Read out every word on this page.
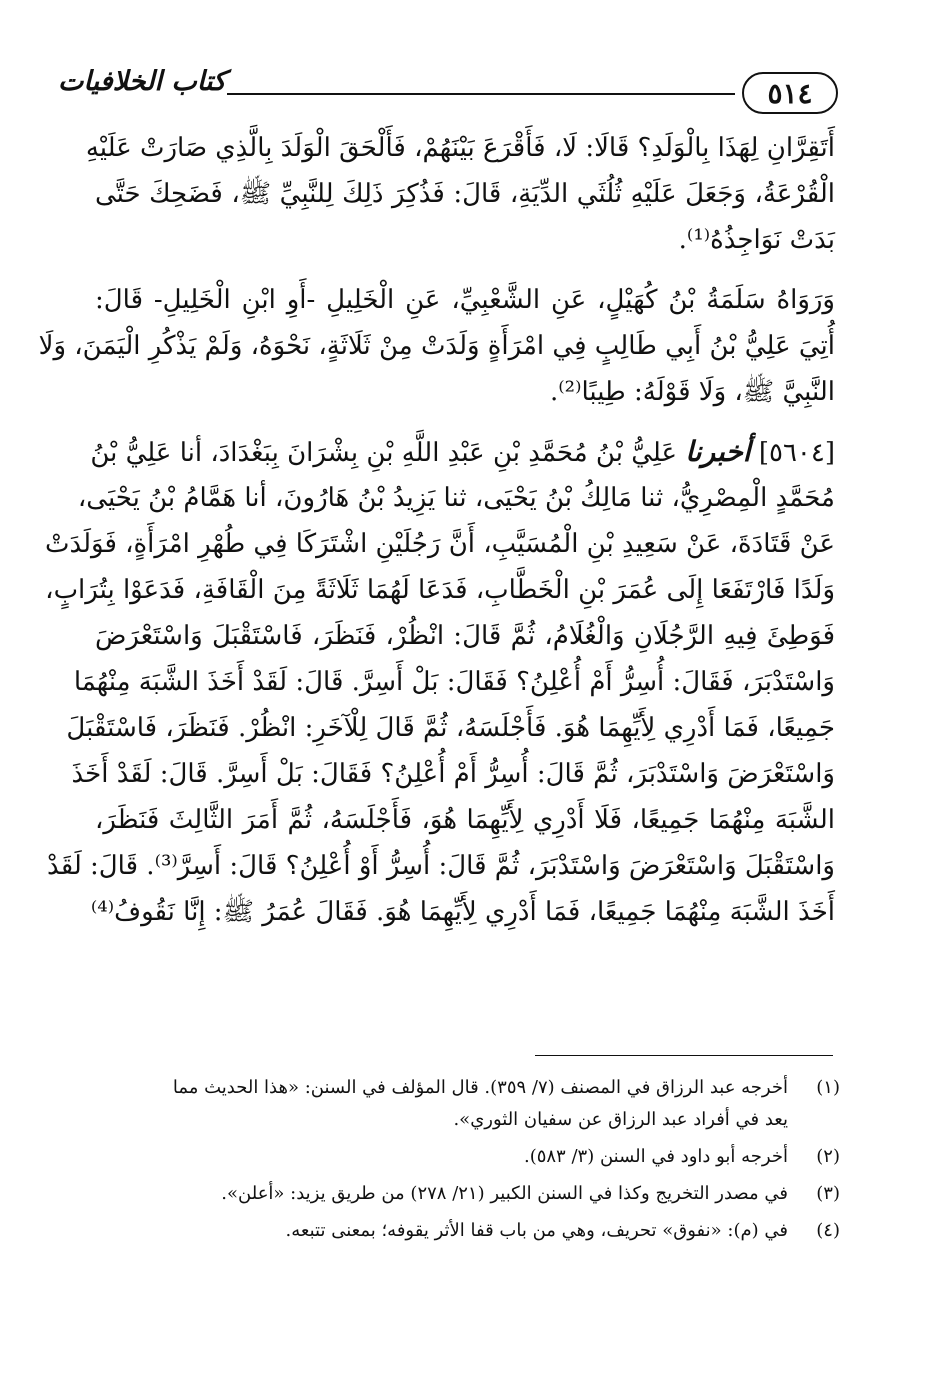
٥١٤
كتاب الخلافيات
أَتَقِرَّانِ لِهَذَا بِالْوَلَدِ؟ قَالَا: لَا، فَأَقْرَعَ بَيْنَهُمْ، فَأَلْحَقَ الْوَلَدَ بِالَّذِي صَارَتْ عَلَيْهِ
الْقُرْعَةُ، وَجَعَلَ عَلَيْهِ ثُلُثَي الدِّيَةِ، قَالَ: فَذُكِرَ ذَلِكَ لِلنَّبِيِّ ﷺ، فَضَحِكَ حَتَّى
بَدَتْ نَوَاجِذُهُ⁽¹⁾.
وَرَوَاهُ سَلَمَةُ بْنُ كُهَيْلٍ، عَنِ الشَّعْبِيِّ، عَنِ الْخَلِيلِ -أَوِ ابْنِ الْخَلِيلِ- قَالَ:
أُتِيَ عَلِيُّ بْنُ أَبِي طَالِبٍ فِي امْرَأَةٍ وَلَدَتْ مِنْ ثَلَاثَةٍ، نَحْوَهُ، وَلَمْ يَذْكُرِ الْيَمَنَ، وَلَا
النَّبِيَّ ﷺ، وَلَا قَوْلَهُ: طِيبًا⁽²⁾.
[٥٦٠٤] أخبرنا عَلِيُّ بْنُ مُحَمَّدِ بْنِ عَبْدِ اللَّهِ بْنِ بِشْرَانَ بِبَغْدَادَ، أنا عَلِيُّ بْنُ
مُحَمَّدٍ الْمِصْرِيُّ، ثنا مَالِكُ بْنُ يَحْيَى، ثنا يَزِيدُ بْنُ هَارُونَ، أنا هَمَّامُ بْنُ يَحْيَى،
عَنْ قَتَادَةَ، عَنْ سَعِيدِ بْنِ الْمُسَيَّبِ، أَنَّ رَجُلَيْنِ اشْتَرَكَا فِي طُهْرِ امْرَأَةٍ، فَوَلَدَتْ
وَلَدًا فَارْتَفَعَا إِلَى عُمَرَ بْنِ الْخَطَّابِ، فَدَعَا لَهُمَا ثَلَاثَةً مِنَ الْقَافَةِ، فَدَعَوْا بِتُرَابٍ،
فَوَطِئَ فِيهِ الرَّجُلَانِ وَالْغُلَامُ، ثُمَّ قَالَ: انْظُرْ، فَنَظَرَ، فَاسْتَقْبَلَ وَاسْتَعْرَضَ
وَاسْتَدْبَرَ، فَقَالَ: أُسِرُّ أَمْ أُعْلِنُ؟ فَقَالَ: بَلْ أَسِرَّ. قَالَ: لَقَدْ أَخَذَ الشَّبَهَ مِنْهُمَا
جَمِيعًا، فَمَا أَدْرِي لِأَيِّهِمَا هُوَ. فَأَجْلَسَهُ، ثُمَّ قَالَ لِلْآخَرِ: انْظُرْ. فَنَظَرَ، فَاسْتَقْبَلَ
وَاسْتَعْرَضَ وَاسْتَدْبَرَ، ثُمَّ قَالَ: أُسِرُّ أَمْ أُعْلِنُ؟ فَقَالَ: بَلْ أَسِرَّ. قَالَ: لَقَدْ أَخَذَ
الشَّبَهَ مِنْهُمَا جَمِيعًا، فَلَا أَدْرِي لِأَيِّهِمَا هُوَ، فَأَجْلَسَهُ، ثُمَّ أَمَرَ الثَّالِثَ فَنَظَرَ،
وَاسْتَقْبَلَ وَاسْتَعْرَضَ وَاسْتَدْبَرَ، ثُمَّ قَالَ: أُسِرُّ أَوْ أُعْلِنُ؟ قَالَ: أَسِرَّ⁽³⁾. قَالَ: لَقَدْ
أَخَذَ الشَّبَهَ مِنْهُمَا جَمِيعًا، فَمَا أَدْرِي لِأَيِّهِمَا هُوَ. فَقَالَ عُمَرُ ﷺ: إِنَّا نَقُوفُ⁽⁴⁾
(١)
أخرجه عبد الرزاق في المصنف (٧/ ٣٥٩). قال المؤلف في السنن: «هذا الحديث مما يعد في أفراد عبد الرزاق عن سفيان الثوري».
(٢)
أخرجه أبو داود في السنن (٣/ ٥٨٣).
(٣)
في مصدر التخريج وكذا في السنن الكبير (٢١/ ٢٧٨) من طريق يزيد: «أعلن».
(٤)
في (م): «نفوق» تحريف، وهي من باب قفا الأثر يقوفه؛ بمعنى تتبعه.
